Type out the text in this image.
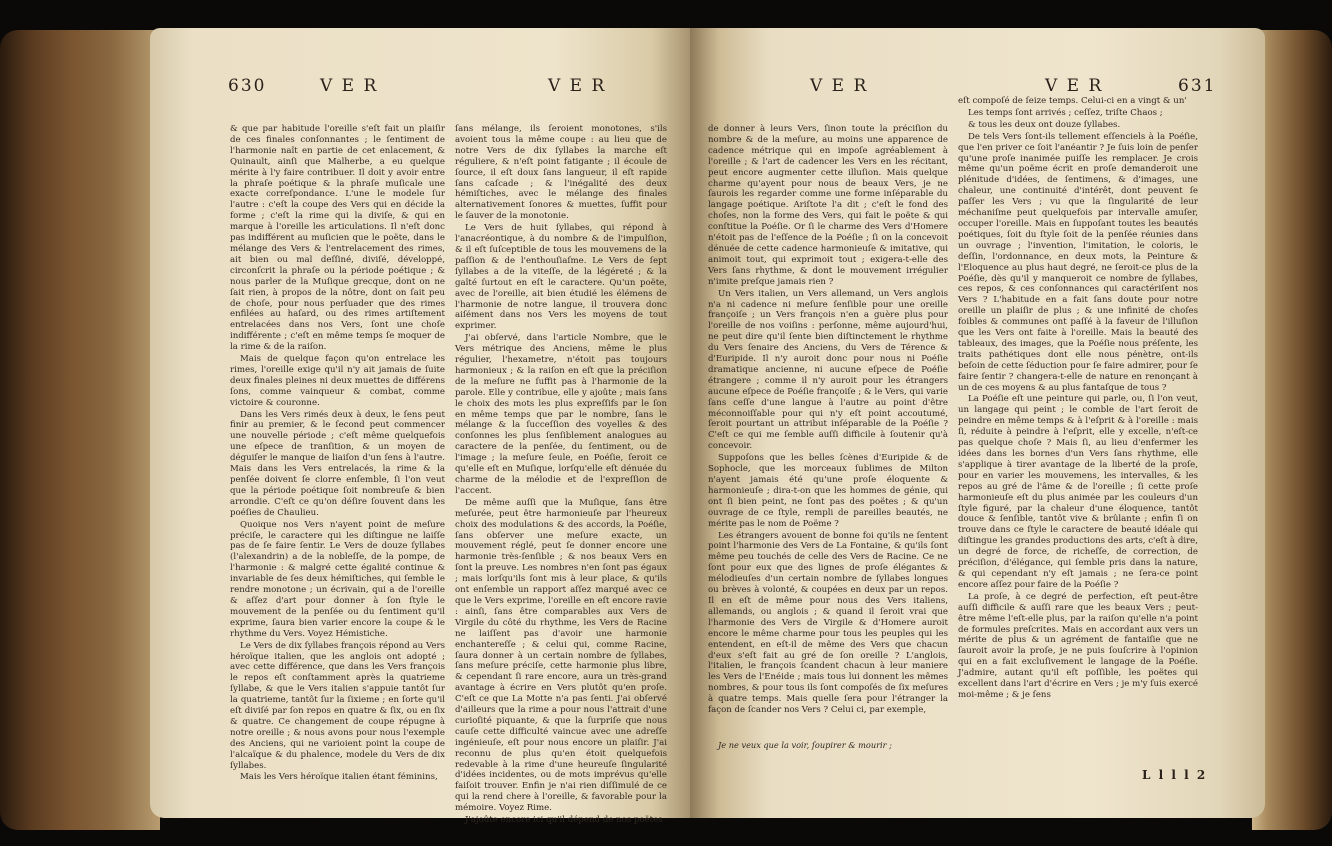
630	V E R	V E R

& que par habitude l'oreille s'eſt fait un plaiſir de ces finales conſonnantes ; le ſentiment de l'harmonie naît en partie de cet enlacement, & Quinault, ainſi que Malherbe, a eu quelque mérite à l'y faire contribuer. Il doit y avoir entre la phraſe poétique & la phraſe muſicale une exacte correſpondance. L'une le modele ſur l'autre : c'eſt la coupe des Vers qui en décide la forme ; c'eſt la rime qui la diviſe, & qui en marque à l'oreille les articulations. Il n'eſt donc pas indifférent au muſicien que le poëte, dans le mélange des Vers & l'entrelacement des rimes, ait bien ou mal deſſiné, diviſé, développé, circonſcrit la phraſe ou la période poétique ; & nous parler de la Muſique grecque, dont on ne ſait rien, à propos de la nôtre, dont on ſait peu de choſe, pour nous perſuader que des rimes enfilées au haſard, ou des rimes artiſtement entrelacées dans nos Vers, ſont une choſe indifférente ; c'eſt en même temps ſe moquer de la rime & de la raiſon.

Mais de quelque façon qu'on entrelace les rimes, l'oreille exige qu'il n'y ait jamais de ſuite deux finales pleines ni deux muettes de différens ſons, comme vainqueur & combat, comme victoire & couronne.

Dans les Vers rimés deux à deux, le ſens peut finir au premier, & le ſecond peut commencer une nouvelle période ; c'eſt même quelquefois une eſpece de tranſition, & un moyen de déguiſer le manque de liaiſon d'un ſens à l'autre. Mais dans les Vers entrelacés, la rime & la penſée doivent ſe clorre enſemble, ſi l'on veut que la période poétique ſoit nombreuſe & bien arrondie. C'eſt ce qu'on déſire ſouvent dans les poéſies de Chaulieu.

Quoique nos Vers n'ayent point de meſure préciſe, le caractere qui les diſtingue ne laiſſe pas de ſe faire ſentir. Le Vers de douze ſyllabes (l'alexandrin) a de la nobleſſe, de la pompe, de l'harmonie : & malgré cette égalité continue & invariable de ſes deux hémiſtiches, qui ſemble le rendre monotone ; un écrivain, qui a de l'oreille & aſſez d'art pour donner à ſon ſtyle le mouvement de la penſée ou du ſentiment qu'il exprime, ſaura bien varier encore la coupe & le rhythme du Vers. Voyez Hémistiche.

Le Vers de dix ſyllabes françois répond au Vers héroïque italien, que les anglois ont adopté ; avec cette différence, que dans les Vers françois le repos eſt conſtamment après la quatrieme ſyllabe, & que le Vers italien s'appuie tantôt ſur la quatrieme, tantôt ſur la ſixieme ; en ſorte qu'il eſt diviſé par ſon repos en quatre & ſix, ou en ſix & quatre. Ce changement de coupe répugne à notre oreille ; & nous avons pour nous l'exemple des Anciens, qui ne varioient point la coupe de l'alcaïque & du phalence, modele du Vers de dix ſyllabes.

Mais les Vers héroïque italien étant féminins,

ſans mélange, ils ſeroient monotones, s'ils avoient tous la même coupe : au lieu que de notre Vers de dix ſyllabes la marche eſt réguliere, & n'eſt point fatigante ; il écoule de ſource, il eſt doux ſans langueur, il eſt rapide ſans caſcade ; & l'inégalité des deux hémiſtiches, avec le mélange des finales alternativement ſonores & muettes, ſuffit pour le ſauver de la monotonie.

Le Vers de huit ſyllabes, qui répond à l'anacréontique, à du nombre & de l'impulſion, & il eſt ſuſceptible de tous les mouvemens de la paſſion & de l'enthouſiaſme. Le Vers de ſept ſyllabes a de la viteſſe, de la légéreté ; & la gaîté ſurtout en eſt le caractere. Qu'un poëte, avec de l'oreille, ait bien étudié les élémens de l'harmonie de notre langue, il trouvera donc aiſément dans nos Vers les moyens de tout exprimer.

J'ai obſervé, dans l'article Nombre, que le Vers métrique des Anciens, même le plus régulier, l'hexametre, n'étoit pas toujours harmonieux ; & la raiſon en eſt que la préciſion de la meſure ne ſuffit pas à l'harmonie de la parole. Elle y contribue, elle y ajoûte ; mais ſans le choix des mots les plus expreſſifs par le ſon en même temps que par le nombre, ſans le mélange & la ſucceſſion des voyelles & des conſonnes les plus ſenſiblement analogues au caractere de la penſée, du ſentiment, ou de l'image ; la meſure ſeule, en Poéſie, ſeroit ce qu'elle eſt en Muſique, lorſqu'elle eſt dénuée du charme de la mélodie et de l'expreſſion de l'accent.

De même auſſi que la Muſique, ſans être meſurée, peut être harmonieuſe par l'heureux choix des modulations & des accords, la Poéſie, ſans obſerver une meſure exacte, un mouvement réglé, peut ſe donner encore une harmonie très-ſenſible ; & nos beaux Vers en ſont la preuve. Les nombres n'en ſont pas égaux ; mais lorſqu'ils ſont mis à leur place, & qu'ils ont enſemble un rapport aſſez marqué avec ce que le Vers exprime, l'oreille en eſt encore ravie : ainſi, ſans être comparables aux Vers de Virgile du côté du rhythme, les Vers de Racine ne laiſſent pas d'avoir une harmonie enchantereſſe ; & celui qui, comme Racine, ſaura donner à un certain nombre de ſyllabes, ſans meſure préciſe, cette harmonie plus libre, & cependant ſi rare encore, aura un très-grand avantage à écrire en Vers plutôt qu'en proſe. C'eſt ce que La Motte n'a pas ſenti. J'ai obſervé d'ailleurs que la rime a pour nous l'attrait d'une curioſité piquante, & que la ſurpriſe que nous cauſe cette difficulté vaincue avec une adreſſe ingénieuſe, eſt pour nous encore un plaiſir. J'ai reconnu de plus qu'en étoit quelquefois redevable à la rime d'une heureuſe ſingularité d'idées incidentes, ou de mots imprévus qu'elle faiſoit trouver. Enfin je n'ai rien diſſimulé de ce qui la rend chere à l'oreille, & favorable pour la mémoire. Voyez Rime.

J'ajoûte encore ici qu'il dépend de nos poëtes

V E R	V E R	631

de donner à leurs Vers, ſinon toute la préciſion du nombre & de la meſure, au moins une apparence de cadence métrique qui en impoſe agréablement à l'oreille ; & l'art de cadencer les Vers en les récitant, peut encore augmenter cette illuſion. Mais quelque charme qu'ayent pour nous de beaux Vers, je ne ſaurois les regarder comme une forme inſéparable du langage poétique. Ariſtote l'a dit ; c'eſt le fond des choſes, non la forme des Vers, qui fait le poëte & qui conſtitue la Poéſie. Or ſi le charme des Vers d'Homere n'étoit pas de l'eſſence de la Poéſie ; ſi on la concevoit dénuée de cette cadence harmonieuſe & imitative, qui animoit tout, qui exprimoit tout ; exigera-t-elle des Vers ſans rhythme, & dont le mouvement irrégulier n'imite preſque jamais rien ?

Un Vers italien, un Vers allemand, un Vers anglois n'a ni cadence ni meſure ſenſible pour une oreille françoiſe ; un Vers françois n'en a guère plus pour l'oreille de nos voiſins : perſonne, même aujourd'hui, ne peut dire qu'il ſente bien diſtinctement le rhythme du Vers ſenaire des Anciens, du Vers de Térence & d'Euripide. Il n'y auroit donc pour nous ni Poéſie dramatique ancienne, ni aucune eſpece de Poéſie étrangere ; comme il n'y auroit pour les étrangers aucune eſpece de Poéſie françoiſe ; & le Vers, qui varie ſans ceſſe d'une langue à l'autre au point d'être méconnoiſſable pour qui n'y eſt point accoutumé, ſeroit pourtant un attribut inſéparable de la Poéſie ? C'eſt ce qui me ſemble auſſi difficile à ſoutenir qu'à concevoir.

Suppoſons que les belles ſcènes d'Euripide & de Sophocle, que les morceaux ſublimes de Milton n'ayent jamais été qu'une proſe éloquente & harmonieuſe ; dira-t-on que les hommes de génie, qui ont ſi bien peint, ne ſont pas des poëtes ; & qu'un ouvrage de ce ſtyle, rempli de pareilles beautés, ne mérite pas le nom de Poëme ?

Les étrangers avouent de bonne foi qu'ils ne ſentent point l'harmonie des Vers de La Fontaine, & qu'ils ſont même peu touchés de celle des Vers de Racine. Ce ne ſont pour eux que des lignes de proſe élégantes & mélodieuſes d'un certain nombre de ſyllabes longues ou brèves à volonté, & coupées en deux par un repos. Il en eſt de même pour nous des Vers italiens, allemands, ou anglois ; & quand il ſeroit vrai que l'harmonie des Vers de Virgile & d'Homere auroit encore le même charme pour tous les peuples qui les entendent, en eſt-il de même des Vers que chacun d'eux s'eſt fait au gré de ſon oreille ? L'anglois, l'italien, le françois ſcandent chacun à leur maniere les Vers de l'Enéide ; mais tous lui donnent les mêmes nombres, & pour tous ils ſont compoſés de ſix meſures à quatre temps. Mais quelle ſera pour l'étranger la façon de ſcander nos Vers ? Celui ci, par exemple,

Je ne veux que la voir, ſoupirer & mourir ;

eſt compoſé de ſeize temps. Celui-ci en a vingt & un'

Les temps ſont arrivés ; ceſſez, triſte Chaos ;

& tous les deux ont douze ſyllabes.

De tels Vers ſont-ils tellement eſſenciels à la Poéſie, que l'en priver ce ſoit l'anéantir ? Je ſuis loin de penſer qu'une proſe inanimée puiſſe les remplacer. Je crois même qu'un poëme écrit en proſe demanderoit une plénitude d'idées, de ſentimens, & d'images, une chaleur, une continuité d'intérêt, dont peuvent ſe paſſer les Vers ; vu que la ſingularité de leur méchaniſme peut quelquefois par intervalle amuſer, occuper l'oreille. Mais en ſuppoſant toutes les beautés poétiques, ſoit du ſtyle ſoit de la penſée réunies dans un ouvrage ; l'invention, l'imitation, le coloris, le deſſin, l'ordonnance, en deux mots, la Peinture & l'Eloquence au plus haut degré, ne ſeroit-ce plus de la Poéſie, dès qu'il y manqueroit ce nombre de ſyllabes, ces repos, & ces conſonnances qui caractériſent nos Vers ? L'habitude en a fait ſans doute pour notre oreille un plaiſir de plus ; & une infinité de choſes foibles & communes ont paſſé à la faveur de l'illuſion que les Vers ont faite à l'oreille. Mais la beauté des tableaux, des images, que la Poéſie nous préſente, les traits pathétiques dont elle nous pénètre, ont-ils beſoin de cette ſéduction pour ſe faire admirer, pour ſe faire ſentir ? changera-t-elle de nature en renonçant à un de ces moyens & au plus fantaſque de tous ?

La Poéſie eſt une peinture qui parle, ou, ſi l'on veut, un langage qui peint ; le comble de l'art ſeroit de peindre en même temps & à l'eſprit & à l'oreille : mais ſi, réduite à peindre à l'eſprit, elle y excelle, n'eſt-ce pas quelque choſe ? Mais ſi, au lieu d'enfermer les idées dans les bornes d'un Vers ſans rhythme, elle s'applique à tirer avantage de la liberté de la proſe, pour en varier les mouvemens, les intervalles, & les repos au gré de l'âme & de l'oreille ; ſi cette proſe harmonieuſe eſt du plus animée par les couleurs d'un ſtyle figuré, par la chaleur d'une éloquence, tantôt douce & ſenſible, tantôt vive & brûlante ; enfin ſi on trouve dans ce ſtyle le caractere de beauté idéale qui diſtingue les grandes productions des arts, c'eſt à dire, un degré de force, de richeſſe, de correction, de préciſion, d'élégance, qui ſemble pris dans la nature, & qui cependant n'y eſt jamais ; ne ſera-ce point encore aſſez pour faire de la Poéſie ?

La proſe, à ce degré de perfection, eſt peut-être auſſi difficile & auſſi rare que les beaux Vers ; peut-être même l'eſt-elle plus, par la raiſon qu'elle n'a point de formules preſcrites. Mais en accordant aux vers un mérite de plus & un agrément de fantaiſie que ne ſauroit avoir la proſe, je ne puis ſouſcrire à l'opinion qui en a fait excluſivement le langage de la Poéſie. J'admire, autant qu'il eſt poſſible, les poëtes qui excellent dans l'art d'écrire en Vers ; je m'y ſuis exercé moi-même ; & je ſens

L l l l 2
